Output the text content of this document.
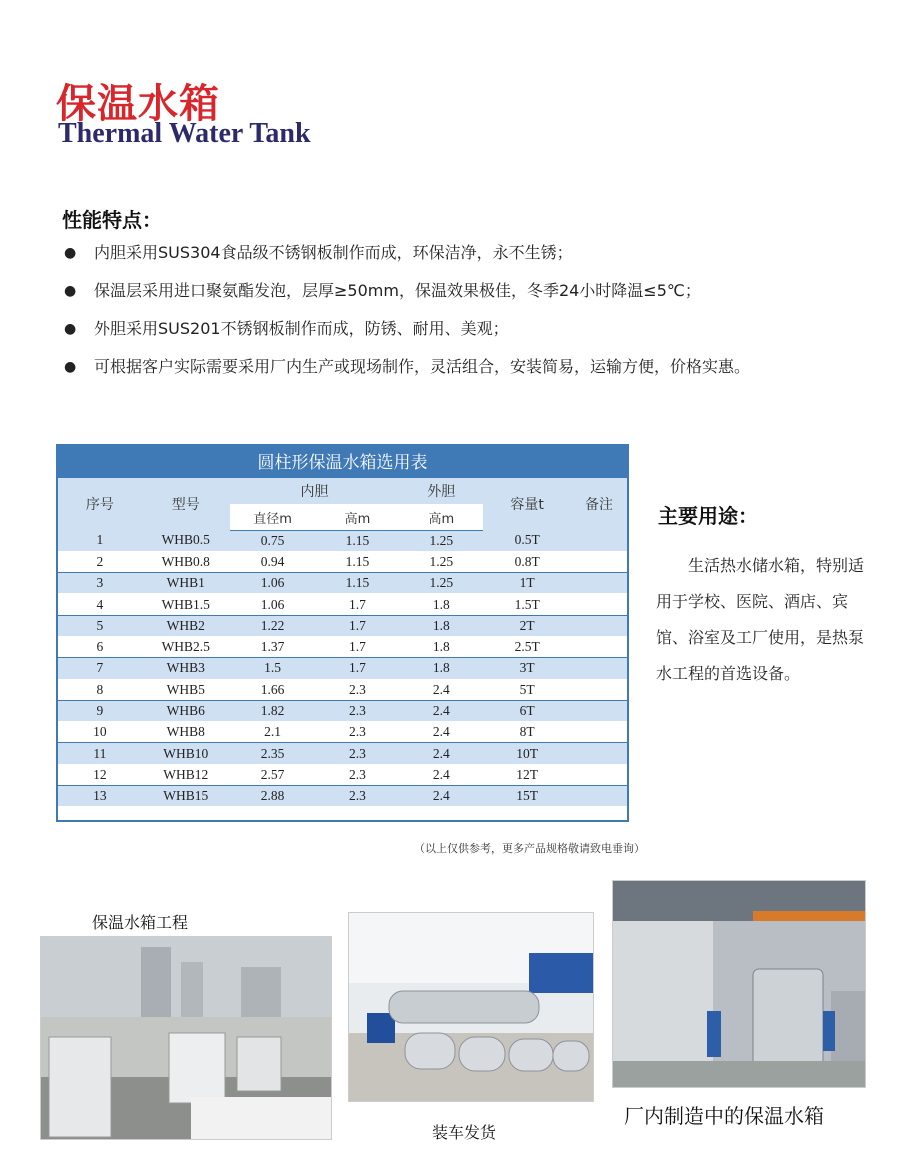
保温水箱
Thermal Water Tank
性能特点：
●	内胆采用SUS304食品级不锈钢板制作而成，环保洁净，永不生锈；
●	保温层采用进口聚氨酯发泡，层厚≥50mm，保温效果极佳，冬季24小时降温≤5℃；
●	外胆采用SUS201不锈钢板制作而成，防锈、耐用、美观；
●	可根据客户实际需要采用厂内生产或现场制作，灵活组合，安装简易，运输方便，价格实惠。
圆柱形保温水箱选用表
序号	型号	内胆		外胆	容量t	备注
		直径m	高m	高m		
1	WHB0.5	0.75	1.15	1.25	0.5T	
2	WHB0.8	0.94	1.15	1.25	0.8T	
3	WHB1	1.06	1.15	1.25	1T	
4	WHB1.5	1.06	1.7	1.8	1.5T	
5	WHB2	1.22	1.7	1.8	2T	
6	WHB2.5	1.37	1.7	1.8	2.5T	
7	WHB3	1.5	1.7	1.8	3T	
8	WHB5	1.66	2.3	2.4	5T	
9	WHB6	1.82	2.3	2.4	6T	
10	WHB8	2.1	2.3	2.4	8T	
11	WHB10	2.35	2.3	2.4	10T	
12	WHB12	2.57	2.3	2.4	12T	
13	WHB15	2.88	2.3	2.4	15T	
（以上仅供参考，更多产品规格敬请致电垂询）
主要用途：

生活热水储水箱，特别适用于学校、医院、酒店、宾馆、浴室及工厂使用，是热泵水工程的首选设备。

保温水箱工程
装车发货
厂内制造中的保温水箱
